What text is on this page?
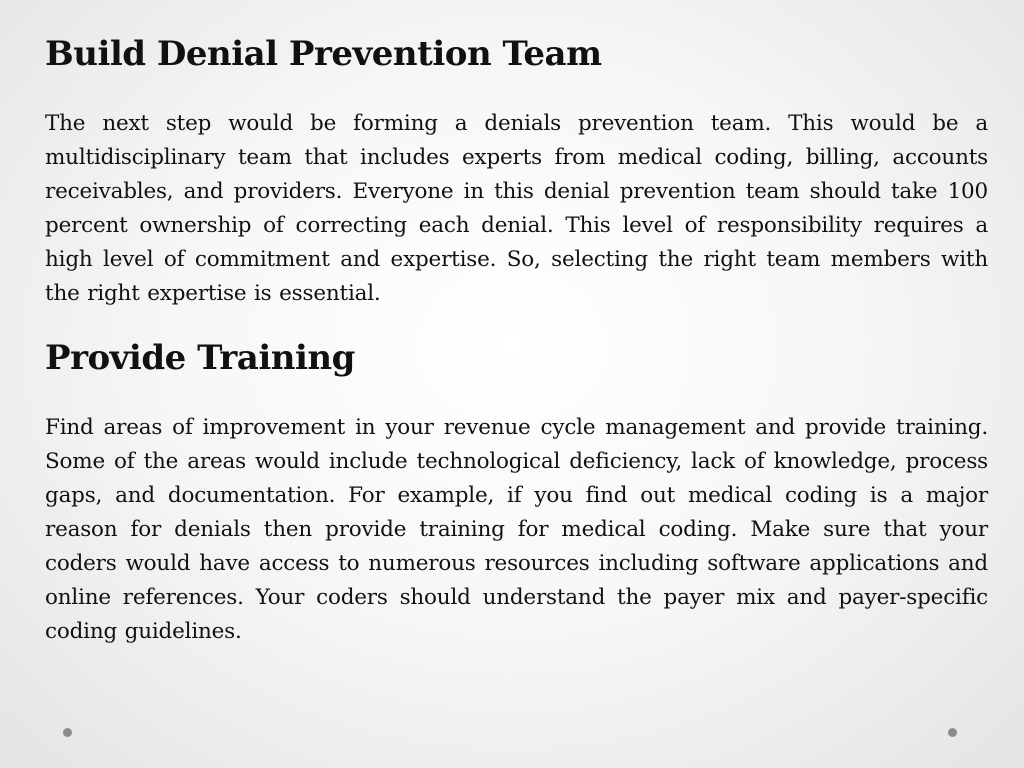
Build Denial Prevention Team

The next step would be forming a denials prevention team. This would be a multidisciplinary team that includes experts from medical coding, billing, accounts receivables, and providers. Everyone in this denial prevention team should take 100 percent ownership of correcting each denial. This level of responsibility requires a high level of commitment and expertise. So, selecting the right team members with the right expertise is essential.

Provide Training

Find areas of improvement in your revenue cycle management and provide training. Some of the areas would include technological deficiency, lack of knowledge, process gaps, and documentation. For example, if you find out medical coding is a major reason for denials then provide training for medical coding. Make sure that your coders would have access to numerous resources including software applications and online references. Your coders should understand the payer mix and payer-specific coding guidelines.
